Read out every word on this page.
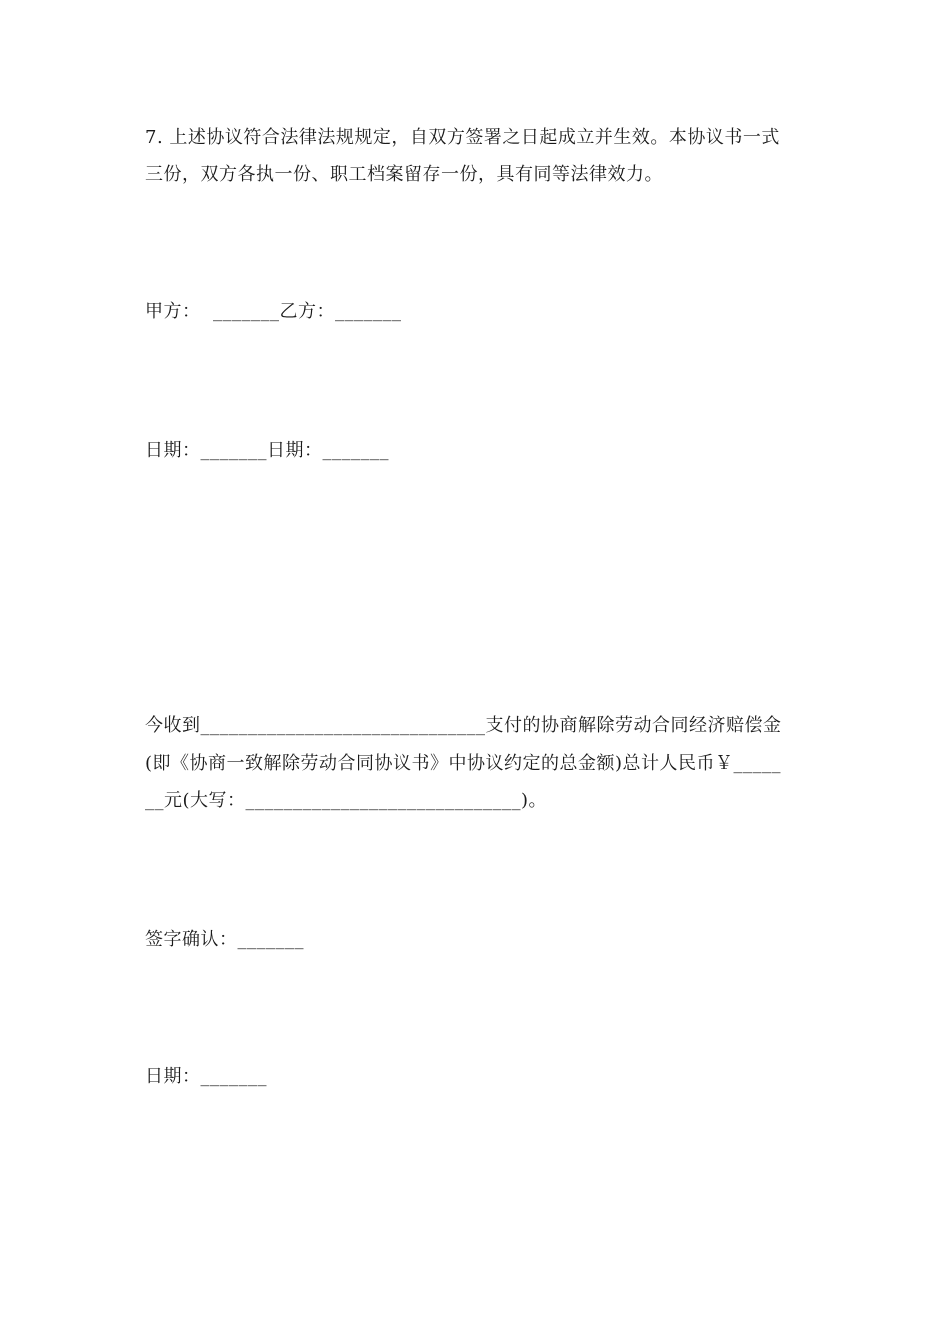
7. 上述协议符合法律法规规定，自双方签署之日起成立并生效。本协议书一式
三份，双方各执一份、职工档案留存一份，具有同等法律效力。
甲方：  _______乙方：_______
日期：_______日期：_______
今收到______________________________支付的协商解除劳动合同经济赔偿金
(即《协商一致解除劳动合同协议书》中协议约定的总金额)总计人民币￥_____
__元(大写：_____________________________)。
签字确认：_______
日期：_______
